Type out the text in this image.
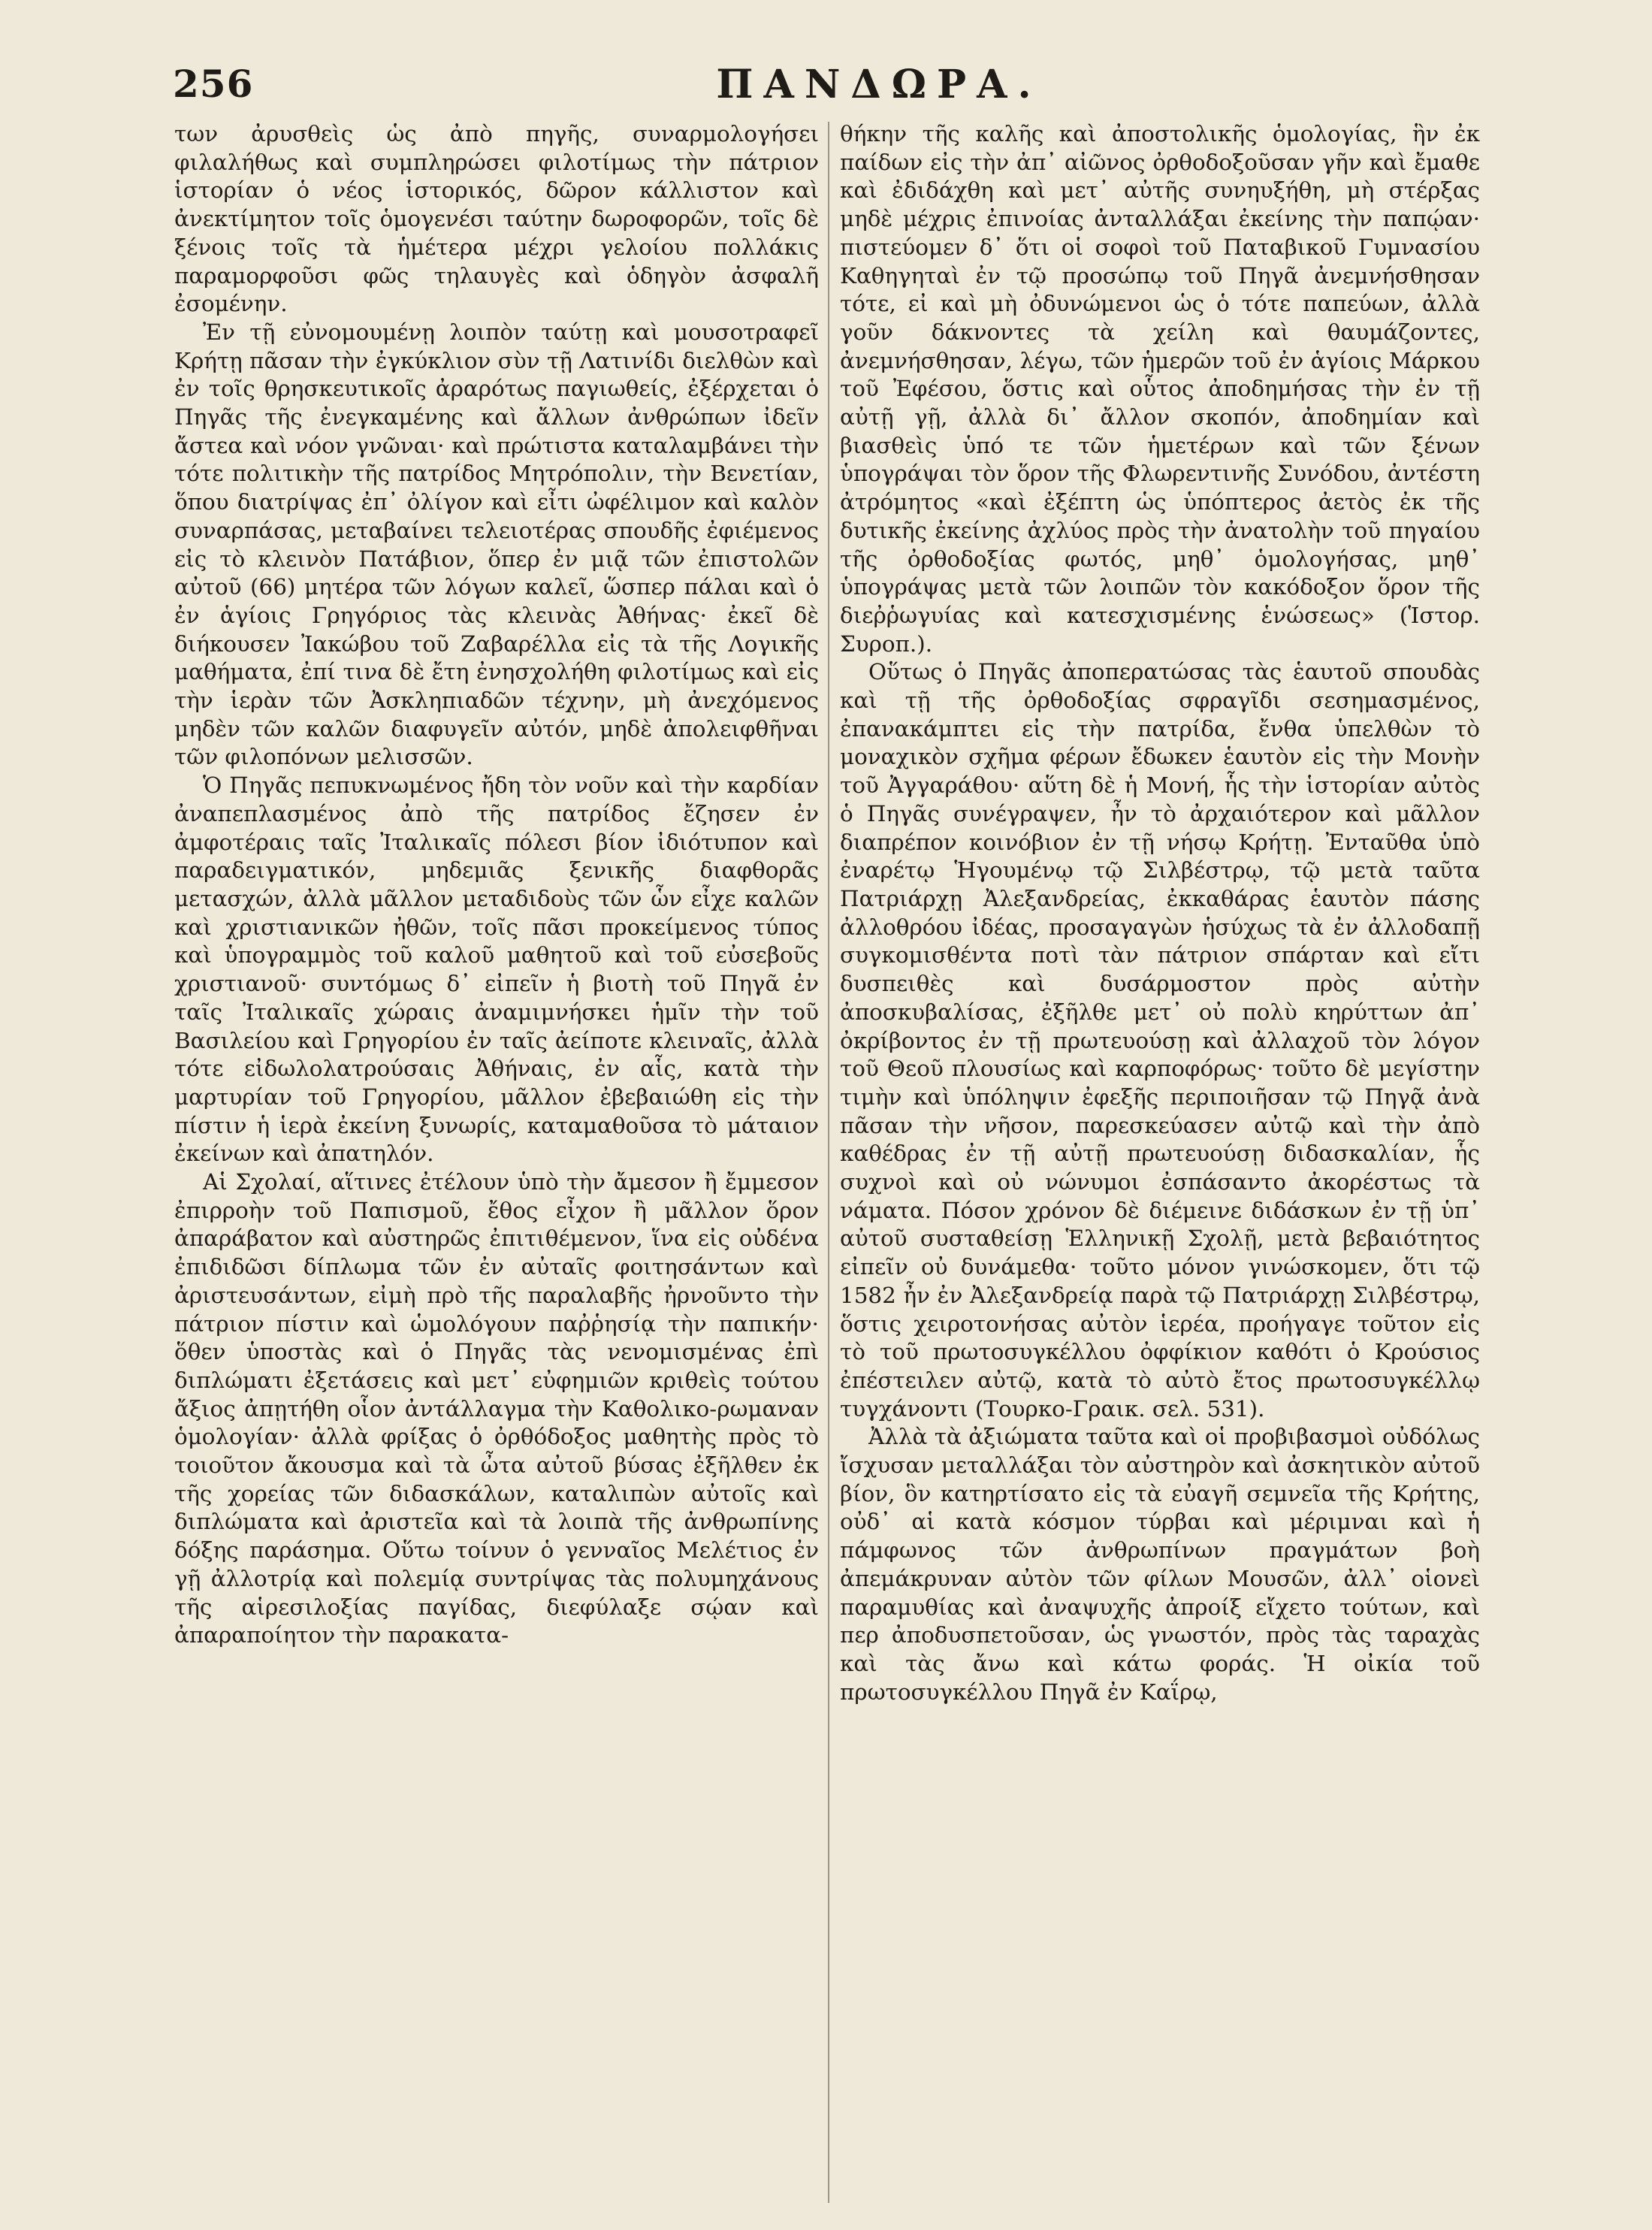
256	ΠΑΝΔΩΡΑ.

των ἀρυσθεὶς ὡς ἀπὸ πηγῆς, συναρμολογήσει φιλαλήθως καὶ συμπληρώσει φιλοτίμως τὴν πάτριον ἱστορίαν ὁ νέος ἱστορικός, δῶρον κάλλιστον καὶ ἀνεκτίμητον τοῖς ὁμογενέσι ταύτην δωροφορῶν, τοῖς δὲ ξένοις τοῖς τὰ ἡμέτερα μέχρι γελοίου πολλάκις παραμορφοῦσι φῶς τηλαυγὲς καὶ ὁδηγὸν ἀσφαλῆ ἐσομένην.

Ἐν τῇ εὐνομουμένῃ λοιπὸν ταύτῃ καὶ μουσοτραφεῖ Κρήτῃ πᾶσαν τὴν ἐγκύκλιον σὺν τῇ Λατινίδι διελθὼν καὶ ἐν τοῖς θρησκευτικοῖς ἀραρότως παγιωθείς, ἐξέρχεται ὁ Πηγᾶς τῆς ἐνεγκαμένης καὶ ἄλλων ἀνθρώπων ἰδεῖν ἄστεα καὶ νόον γνῶναι· καὶ πρώτιστα καταλαμβάνει τὴν τότε πολιτικὴν τῆς πατρίδος Μητρόπολιν, τὴν Βενετίαν, ὅπου διατρίψας ἐπ᾽ ὀλίγον καὶ εἶτι ὠφέλιμον καὶ καλὸν συναρπάσας, μεταβαίνει τελειοτέρας σπουδῆς ἐφιέμενος εἰς τὸ κλεινὸν Πατάβιον, ὅπερ ἐν μιᾷ τῶν ἐπιστολῶν αὐτοῦ (66) μητέρα τῶν λόγων καλεῖ, ὥσπερ πάλαι καὶ ὁ ἐν ἁγίοις Γρηγόριος τὰς κλεινὰς Ἀθήνας· ἐκεῖ δὲ διήκουσεν Ἰακώβου τοῦ Ζαβαρέλλα εἰς τὰ τῆς Λογικῆς μαθήματα, ἐπί τινα δὲ ἔτη ἐνησχολήθη φιλοτίμως καὶ εἰς τὴν ἱερὰν τῶν Ἀσκληπιαδῶν τέχνην, μὴ ἀνεχόμενος μηδὲν τῶν καλῶν διαφυγεῖν αὐτόν, μηδὲ ἀπολειφθῆναι τῶν φιλοπόνων μελισσῶν.

Ὁ Πηγᾶς πεπυκνωμένος ἤδη τὸν νοῦν καὶ τὴν καρδίαν ἀναπεπλασμένος ἀπὸ τῆς πατρίδος ἔζησεν ἐν ἀμφοτέραις ταῖς Ἰταλικαῖς πόλεσι βίον ἰδιότυπον καὶ παραδειγματικόν, μηδεμιᾶς ξενικῆς διαφθορᾶς μετασχών, ἀλλὰ μᾶλλον μεταδιδοὺς τῶν ὧν εἶχε καλῶν καὶ χριστιανικῶν ἠθῶν, τοῖς πᾶσι προκείμενος τύπος καὶ ὑπογραμμὸς τοῦ καλοῦ μαθητοῦ καὶ τοῦ εὐσεβοῦς χριστιανοῦ· συντόμως δ᾽ εἰπεῖν ἡ βιοτὴ τοῦ Πηγᾶ ἐν ταῖς Ἰταλικαῖς χώραις ἀναμιμνήσκει ἡμῖν τὴν τοῦ Βασιλείου καὶ Γρηγορίου ἐν ταῖς ἀείποτε κλειναῖς, ἀλλὰ τότε εἰδωλολατρούσαις Ἀθήναις, ἐν αἷς, κατὰ τὴν μαρτυρίαν τοῦ Γρηγορίου, μᾶλλον ἐβεβαιώθη εἰς τὴν πίστιν ἡ ἱερὰ ἐκείνη ξυνωρίς, καταμαθοῦσα τὸ μάταιον ἐκείνων καὶ ἀπατηλόν.

Αἱ Σχολαί, αἵτινες ἐτέλουν ὑπὸ τὴν ἄμεσον ἢ ἔμμεσον ἐπιρροὴν τοῦ Παπισμοῦ, ἔθος εἶχον ἢ μᾶλλον ὅρον ἀπαράβατον καὶ αὐστηρῶς ἐπιτιθέμενον, ἵνα εἰς οὐδένα ἐπιδιδῶσι δίπλωμα τῶν ἐν αὐταῖς φοιτησάντων καὶ ἀριστευσάντων, εἰμὴ πρὸ τῆς παραλαβῆς ἠρνοῦντο τὴν πάτριον πίστιν καὶ ὡμολόγουν παῤῥησίᾳ τὴν παπικήν· ὅθεν ὑποστὰς καὶ ὁ Πηγᾶς τὰς νενομισμένας ἐπὶ διπλώματι ἐξετάσεις καὶ μετ᾽ εὐφημιῶν κριθεὶς τούτου ἄξιος ἀπῃτήθη οἷον ἀντάλλαγμα τὴν Καθολικο-ρωμαναν ὁμολογίαν· ἀλλὰ φρίξας ὁ ὀρθόδοξος μαθητὴς πρὸς τὸ τοιοῦτον ἄκουσμα καὶ τὰ ὦτα αὐτοῦ βύσας ἐξῆλθεν ἐκ τῆς χορείας τῶν διδασκάλων, καταλιπὼν αὐτοῖς καὶ διπλώματα καὶ ἀριστεῖα καὶ τὰ λοιπὰ τῆς ἀνθρωπίνης δόξης παράσημα. Οὕτω τοίνυν ὁ γενναῖος Μελέτιος ἐν γῇ ἀλλοτρίᾳ καὶ πολεμίᾳ συντρίψας τὰς πολυμηχάνους τῆς αἱρεσιλοξίας παγίδας, διεφύλαξε σῴαν καὶ ἀπαραποίητον τὴν παρακατα-

θήκην τῆς καλῆς καὶ ἀποστολικῆς ὁμολογίας, ἣν ἐκ παίδων εἰς τὴν ἀπ᾽ αἰῶνος ὀρθοδοξοῦσαν γῆν καὶ ἔμαθε καὶ ἐδιδάχθη καὶ μετ᾽ αὐτῆς συνηυξήθη, μὴ στέρξας μηδὲ μέχρις ἐπινοίας ἀνταλλάξαι ἐκείνης τὴν παπῴαν· πιστεύομεν δ᾽ ὅτι οἱ σοφοὶ τοῦ Παταβικοῦ Γυμνασίου Καθηγηταὶ ἐν τῷ προσώπῳ τοῦ Πηγᾶ ἀνεμνήσθησαν τότε, εἰ καὶ μὴ ὀδυνώμενοι ὡς ὁ τότε παπεύων, ἀλλὰ γοῦν δάκνοντες τὰ χείλη καὶ θαυμάζοντες, ἀνεμνήσθησαν, λέγω, τῶν ἡμερῶν τοῦ ἐν ἁγίοις Μάρκου τοῦ Ἐφέσου, ὅστις καὶ οὗτος ἀποδημήσας τὴν ἐν τῇ αὐτῇ γῇ, ἀλλὰ δι᾽ ἄλλον σκοπόν, ἀποδημίαν καὶ βιασθεὶς ὑπό τε τῶν ἡμετέρων καὶ τῶν ξένων ὑπογράψαι τὸν ὅρον τῆς Φλωρεντινῆς Συνόδου, ἀντέστη ἀτρόμητος «καὶ ἐξέπτη ὡς ὑπόπτερος ἀετὸς ἐκ τῆς δυτικῆς ἐκείνης ἀχλύος πρὸς τὴν ἀνατολὴν τοῦ πηγαίου τῆς ὀρθοδοξίας φωτός, μηθ᾽ ὁμολογήσας, μηθ᾽ ὑπογράψας μετὰ τῶν λοιπῶν τὸν κακόδοξον ὅρον τῆς διεῤῥωγυίας καὶ κατεσχισμένης ἑνώσεως» (Ἱστορ. Συροπ.).

Οὕτως ὁ Πηγᾶς ἀποπερατώσας τὰς ἑαυτοῦ σπουδὰς καὶ τῇ τῆς ὀρθοδοξίας σφραγῖδι σεσημασμένος, ἐπανακάμπτει εἰς τὴν πατρίδα, ἔνθα ὑπελθὼν τὸ μοναχικὸν σχῆμα φέρων ἔδωκεν ἑαυτὸν εἰς τὴν Μονὴν τοῦ Ἀγγαράθου· αὕτη δὲ ἡ Μονή, ἧς τὴν ἱστορίαν αὐτὸς ὁ Πηγᾶς συνέγραψεν, ἦν τὸ ἀρχαιότερον καὶ μᾶλλον διαπρέπον κοινόβιον ἐν τῇ νήσῳ Κρήτῃ. Ἐνταῦθα ὑπὸ ἐναρέτῳ Ἡγουμένῳ τῷ Σιλβέστρῳ, τῷ μετὰ ταῦτα Πατριάρχῃ Ἀλεξανδρείας, ἐκκαθάρας ἑαυτὸν πάσης ἀλλοθρόου ἰδέας, προσαγαγὼν ἡσύχως τὰ ἐν ἀλλοδαπῇ συγκομισθέντα ποτὶ τὰν πάτριον σπάρταν καὶ εἴτι δυσπειθὲς καὶ δυσάρμοστον πρὸς αὐτὴν ἀποσκυβαλίσας, ἐξῆλθε μετ᾽ οὐ πολὺ κηρύττων ἀπ᾽ ὀκρίβοντος ἐν τῇ πρωτευούσῃ καὶ ἀλλαχοῦ τὸν λόγον τοῦ Θεοῦ πλουσίως καὶ καρποφόρως· τοῦτο δὲ μεγίστην τιμὴν καὶ ὑπόληψιν ἐφεξῆς περιποιῆσαν τῷ Πηγᾷ ἀνὰ πᾶσαν τὴν νῆσον, παρεσκεύασεν αὐτῷ καὶ τὴν ἀπὸ καθέδρας ἐν τῇ αὐτῇ πρωτευούσῃ διδασκαλίαν, ἧς συχνοὶ καὶ οὐ νώνυμοι ἐσπάσαντο ἀκορέστως τὰ νάματα. Πόσον χρόνον δὲ διέμεινε διδάσκων ἐν τῇ ὑπ᾽ αὐτοῦ συσταθείσῃ Ἑλληνικῇ Σχολῇ, μετὰ βεβαιότητος εἰπεῖν οὐ δυνάμεθα· τοῦτο μόνον γινώσκομεν, ὅτι τῷ 1582 ἦν ἐν Ἀλεξανδρείᾳ παρὰ τῷ Πατριάρχῃ Σιλβέστρῳ, ὅστις χειροτονήσας αὐτὸν ἱερέα, προήγαγε τοῦτον εἰς τὸ τοῦ πρωτοσυγκέλλου ὀφφίκιον καθότι ὁ Κρούσιος ἐπέστειλεν αὐτῷ, κατὰ τὸ αὐτὸ ἔτος πρωτοσυγκέλλῳ τυγχάνοντι (Τουρκο-Γραικ. σελ. 531).

Ἀλλὰ τὰ ἀξιώματα ταῦτα καὶ οἱ προβιβασμοὶ οὐδόλως ἴσχυσαν μεταλλάξαι τὸν αὐστηρὸν καὶ ἀσκητικὸν αὐτοῦ βίον, ὃν κατηρτίσατο εἰς τὰ εὐαγῆ σεμνεῖα τῆς Κρήτης, οὐδ᾽ αἱ κατὰ κόσμον τύρβαι καὶ μέριμναι καὶ ἡ πάμφωνος τῶν ἀνθρωπίνων πραγμάτων βοὴ ἀπεμάκρυναν αὐτὸν τῶν φίλων Μουσῶν, ἀλλ᾽ οἱονεὶ παραμυθίας καὶ ἀναψυχῆς ἀπροίξ εἴχετο τούτων, καὶ περ ἀποδυσπετοῦσαν, ὡς γνωστόν, πρὸς τὰς ταραχὰς καὶ τὰς ἄνω καὶ κάτω φοράς. Ἡ οἰκία τοῦ πρωτοσυγκέλλου Πηγᾶ ἐν Καΐρῳ,
